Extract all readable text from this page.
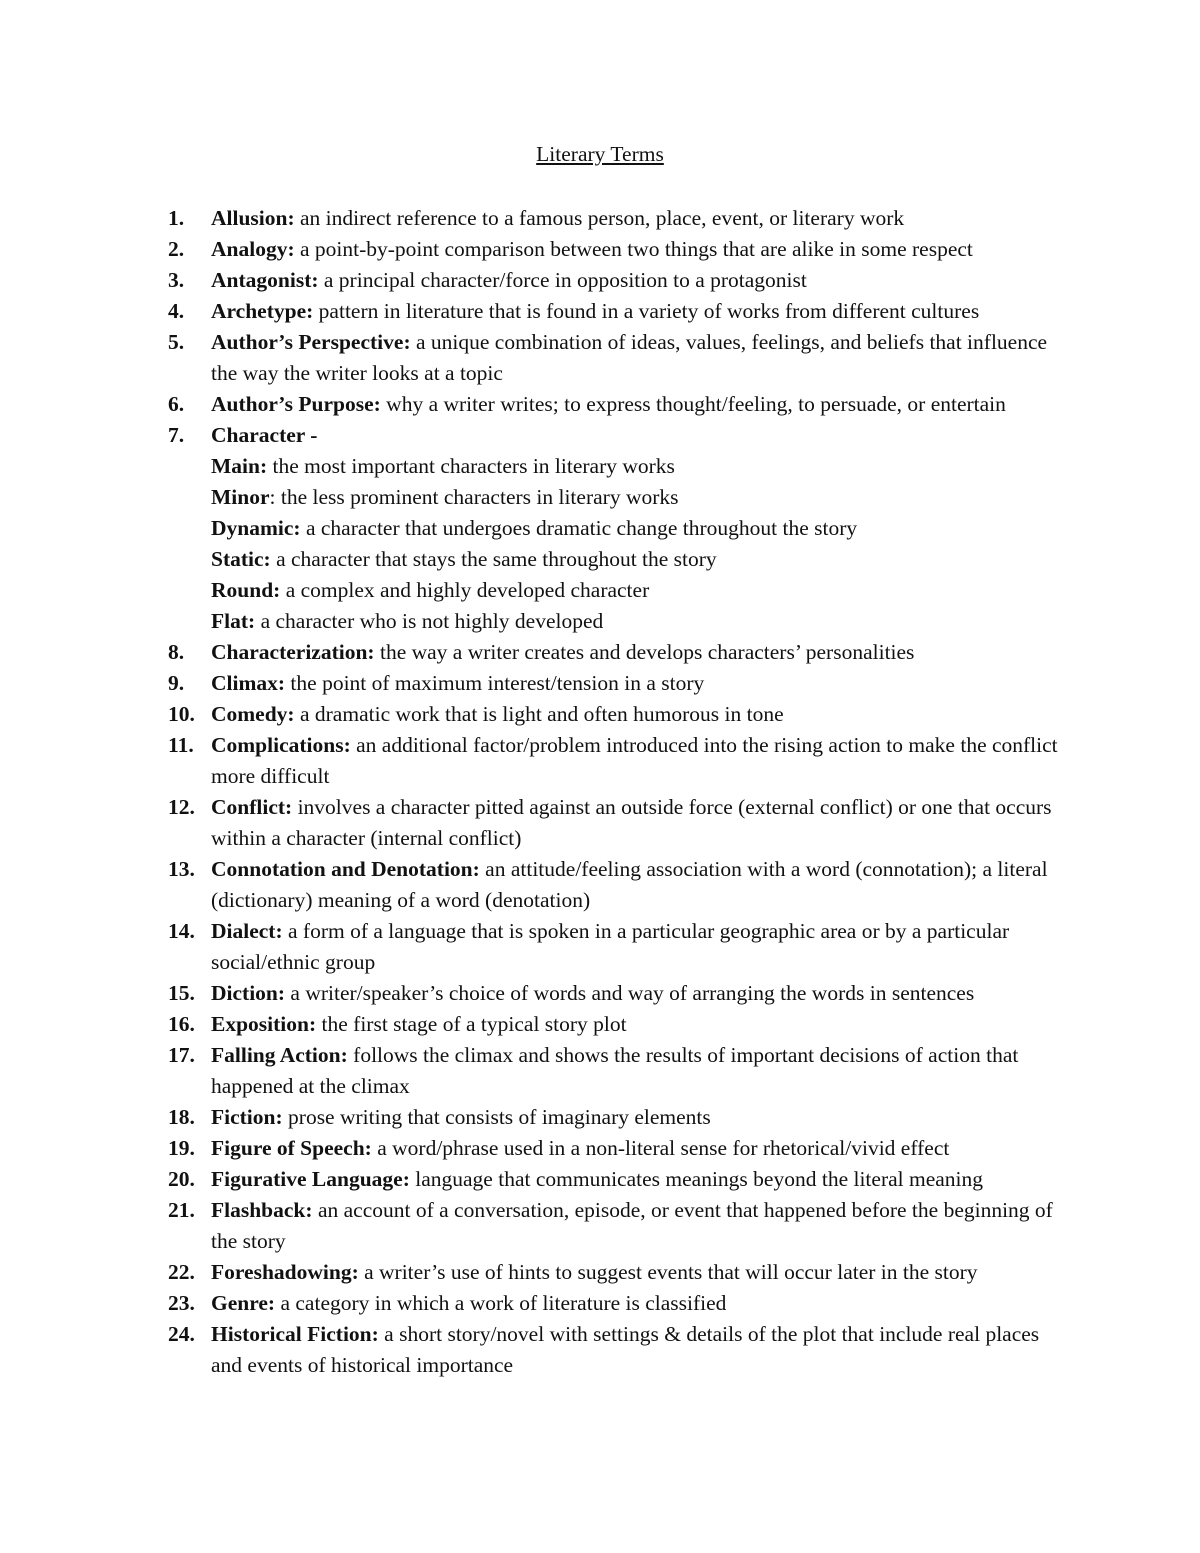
Literary Terms
1.	Allusion: an indirect reference to a famous person, place, event, or literary work
2.	Analogy: a point-by-point comparison between two things that are alike in some respect
3.	Antagonist: a principal character/force in opposition to a protagonist
4.	Archetype: pattern in literature that is found in a variety of works from different cultures
5.	Author’s Perspective: a unique combination of ideas, values, feelings, and beliefs that influence the way the writer looks at a topic
6.	Author’s Purpose: why a writer writes; to express thought/feeling, to persuade, or entertain
7.	Character -
Main: the most important characters in literary works
Minor: the less prominent characters in literary works
Dynamic: a character that undergoes dramatic change throughout the story
Static: a character that stays the same throughout the story
Round: a complex and highly developed character
Flat: a character who is not highly developed
8.	Characterization: the way a writer creates and develops characters’ personalities
9.	Climax: the point of maximum interest/tension in a story
10. Comedy: a dramatic work that is light and often humorous in tone
11. Complications: an additional factor/problem introduced into the rising action to make the conflict more difficult
12. Conflict: involves a character pitted against an outside force (external conflict) or one that occurs within a character (internal conflict)
13. Connotation and Denotation: an attitude/feeling association with a word (connotation); a literal (dictionary) meaning of a word (denotation)
14. Dialect: a form of a language that is spoken in a particular geographic area or by a particular social/ethnic group
15. Diction: a writer/speaker’s choice of words and way of arranging the words in sentences
16. Exposition: the first stage of a typical story plot
17. Falling Action: follows the climax and shows the results of important decisions of action that happened at the climax
18. Fiction: prose writing that consists of imaginary elements
19. Figure of Speech: a word/phrase used in a non-literal sense for rhetorical/vivid effect
20. Figurative Language: language that communicates meanings beyond the literal meaning
21. Flashback: an account of a conversation, episode, or event that happened before the beginning of the story
22. Foreshadowing: a writer’s use of hints to suggest events that will occur later in the story
23. Genre: a category in which a work of literature is classified
24. Historical Fiction: a short story/novel with settings & details of the plot that include real places and events of historical importance
